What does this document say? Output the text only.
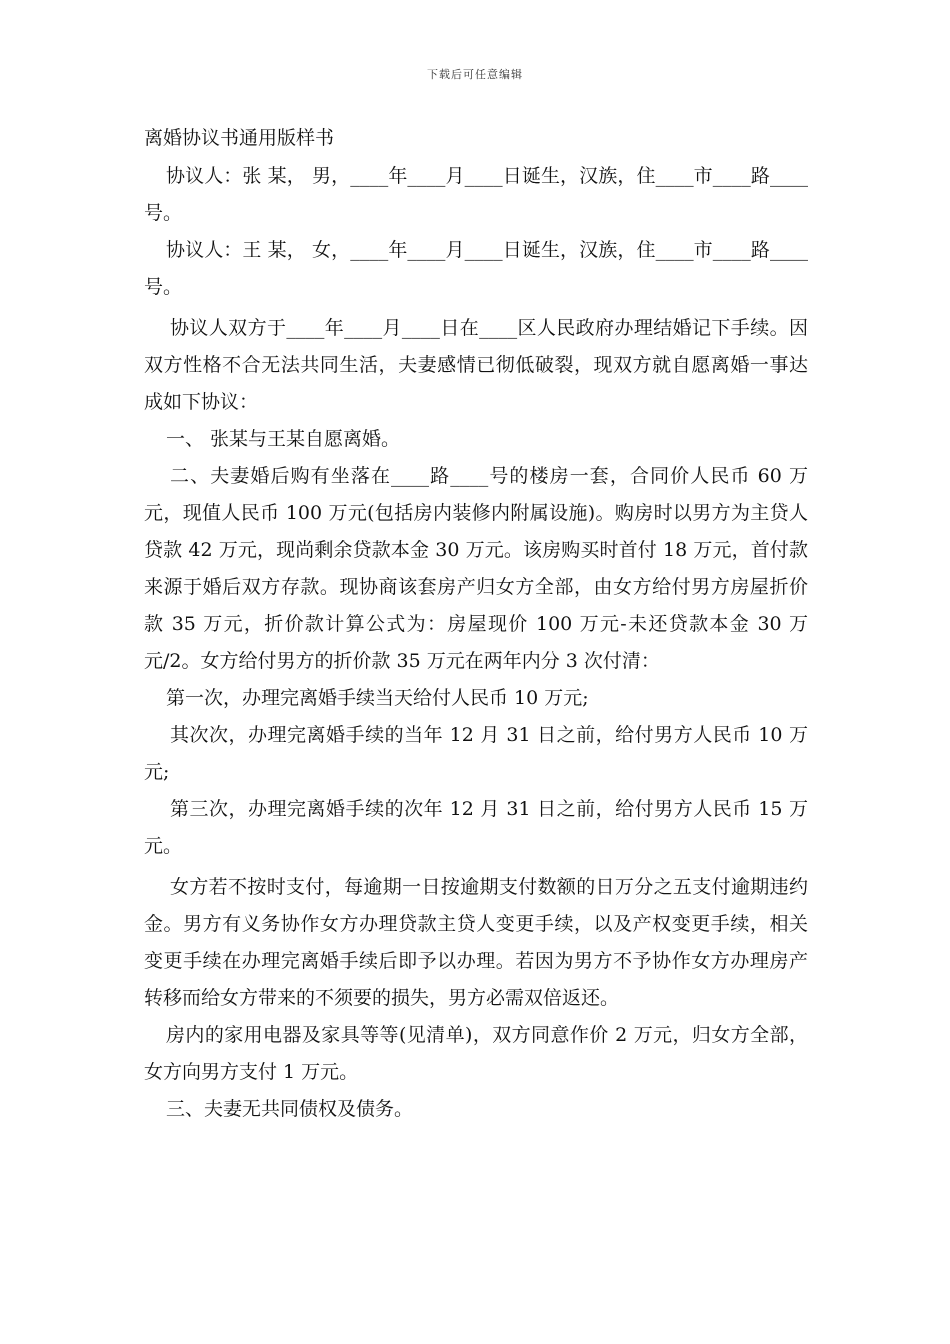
下载后可任意编辑
离婚协议书通用版样书

协议人：张 某， 男，____年____月____日诞生，汉族，住____市____路____号。

协议人：王 某， 女，____年____月____日诞生，汉族，住____市____路____号。

协议人双方于____年____月____日在____区人民政府办理结婚记下手续。因双方性格不合无法共同生活，夫妻感情已彻低破裂，现双方就自愿离婚一事达成如下协议：

一、 张某与王某自愿离婚。

二、夫妻婚后购有坐落在____路____号的楼房一套，合同价人民币 60 万元，现值人民币 100 万元(包括房内装修内附属设施)。购房时以男方为主贷人 贷款 42 万元，现尚剩余贷款本金 30 万元。该房购买时首付 18 万元，首付款来源于婚后双方存款。现协商该套房产归女方全部，由女方给付男方房屋折价款 35 万元，折价款计算公式为：房屋现价 100 万元-未还贷款本金 30 万元/2。女方给付男方的折价款 35 万元在两年内分 3 次付清：

第一次，办理完离婚手续当天给付人民币 10 万元;

其次次，办理完离婚手续的当年 12 月 31 日之前，给付男方人民币 10 万元;

第三次，办理完离婚手续的次年 12 月 31 日之前，给付男方人民币 15 万元。

女方若不按时支付，每逾期一日按逾期支付数额的日万分之五支付逾期违约金。男方有义务协作女方办理贷款主贷人变更手续，以及产权变更手续，相关变更手续在办理完离婚手续后即予以办理。若因为男方不予协作女方办理房产转移而给女方带来的不须要的损失，男方必需双倍返还。

房内的家用电器及家具等等(见清单)，双方同意作价 2 万元，归女方全部，女方向男方支付 1 万元。

三、夫妻无共同债权及债务。
